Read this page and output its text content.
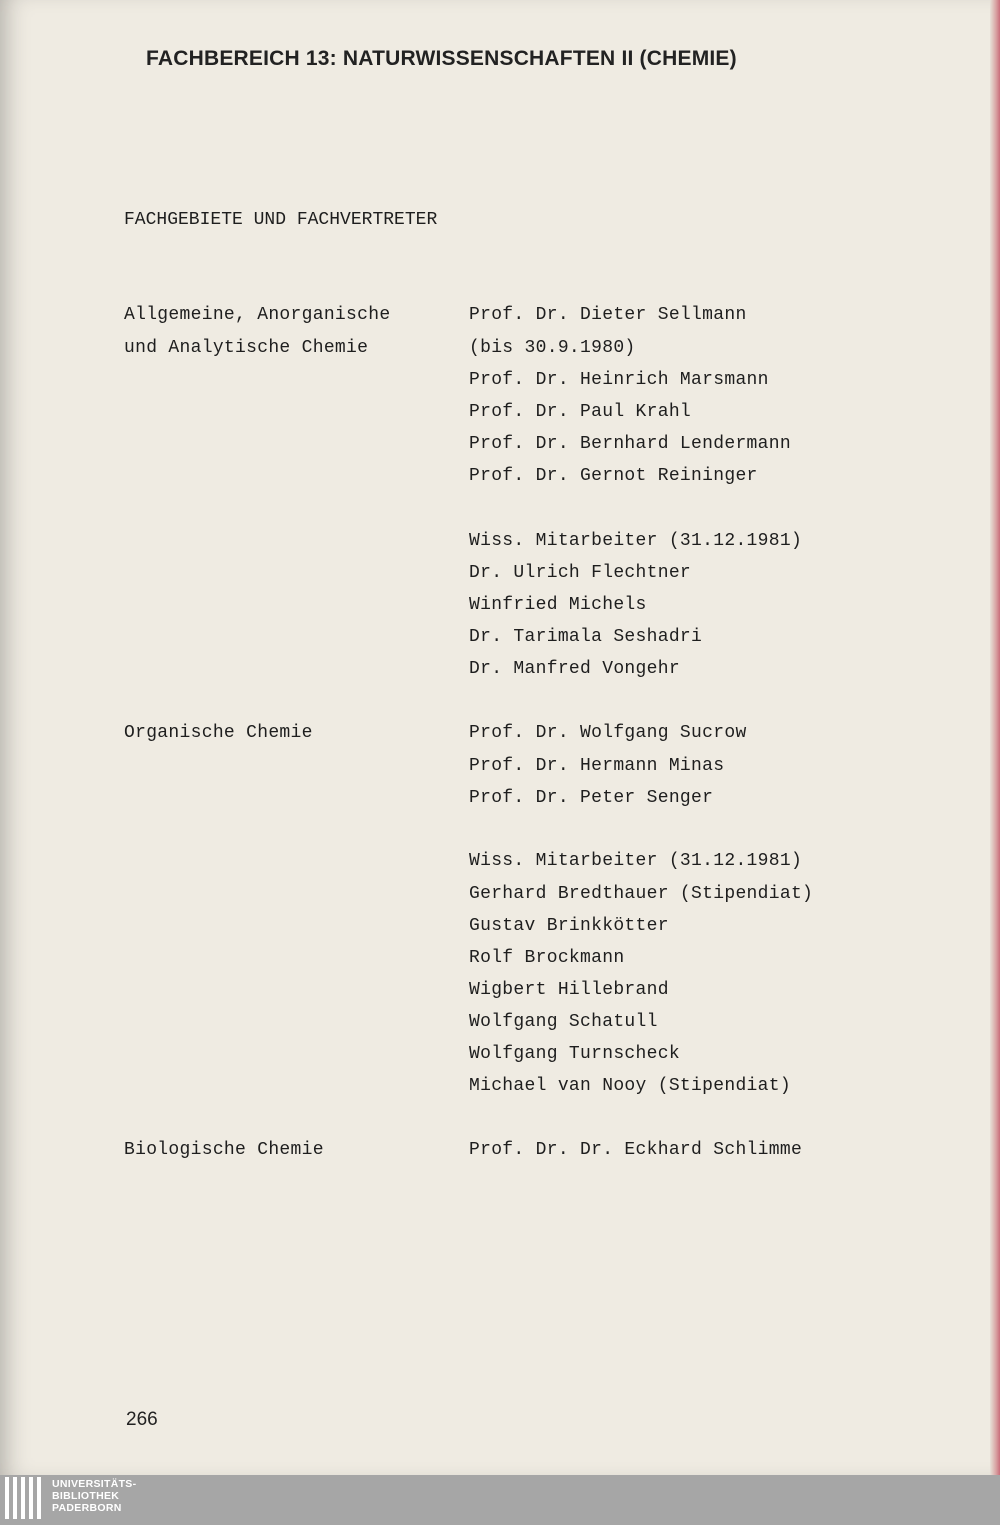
FACHBEREICH 13: NATURWISSENSCHAFTEN II (CHEMIE)
FACHGEBIETE UND FACHVERTRETER
Allgemeine, Anorganische	Prof. Dr. Dieter Sellmann
und Analytische Chemie	(bis 30.9.1980)
Prof. Dr. Heinrich Marsmann
Prof. Dr. Paul Krahl
Prof. Dr. Bernhard Lendermann
Prof. Dr. Gernot Reininger
Wiss. Mitarbeiter (31.12.1981)
Dr. Ulrich Flechtner
Winfried Michels
Dr. Tarimala Seshadri
Dr. Manfred Vongehr
Organische Chemie	Prof. Dr. Wolfgang Sucrow
Prof. Dr. Hermann Minas
Prof. Dr. Peter Senger
Wiss. Mitarbeiter (31.12.1981)
Gerhard Bredthauer (Stipendiat)
Gustav Brinkkötter
Rolf Brockmann
Wigbert Hillebrand
Wolfgang Schatull
Wolfgang Turnscheck
Michael van Nooy (Stipendiat)
Biologische Chemie	Prof. Dr. Dr. Eckhard Schlimme
266
UNIVERSITÄTS-
BIBLIOTHEK
PADERBORN
